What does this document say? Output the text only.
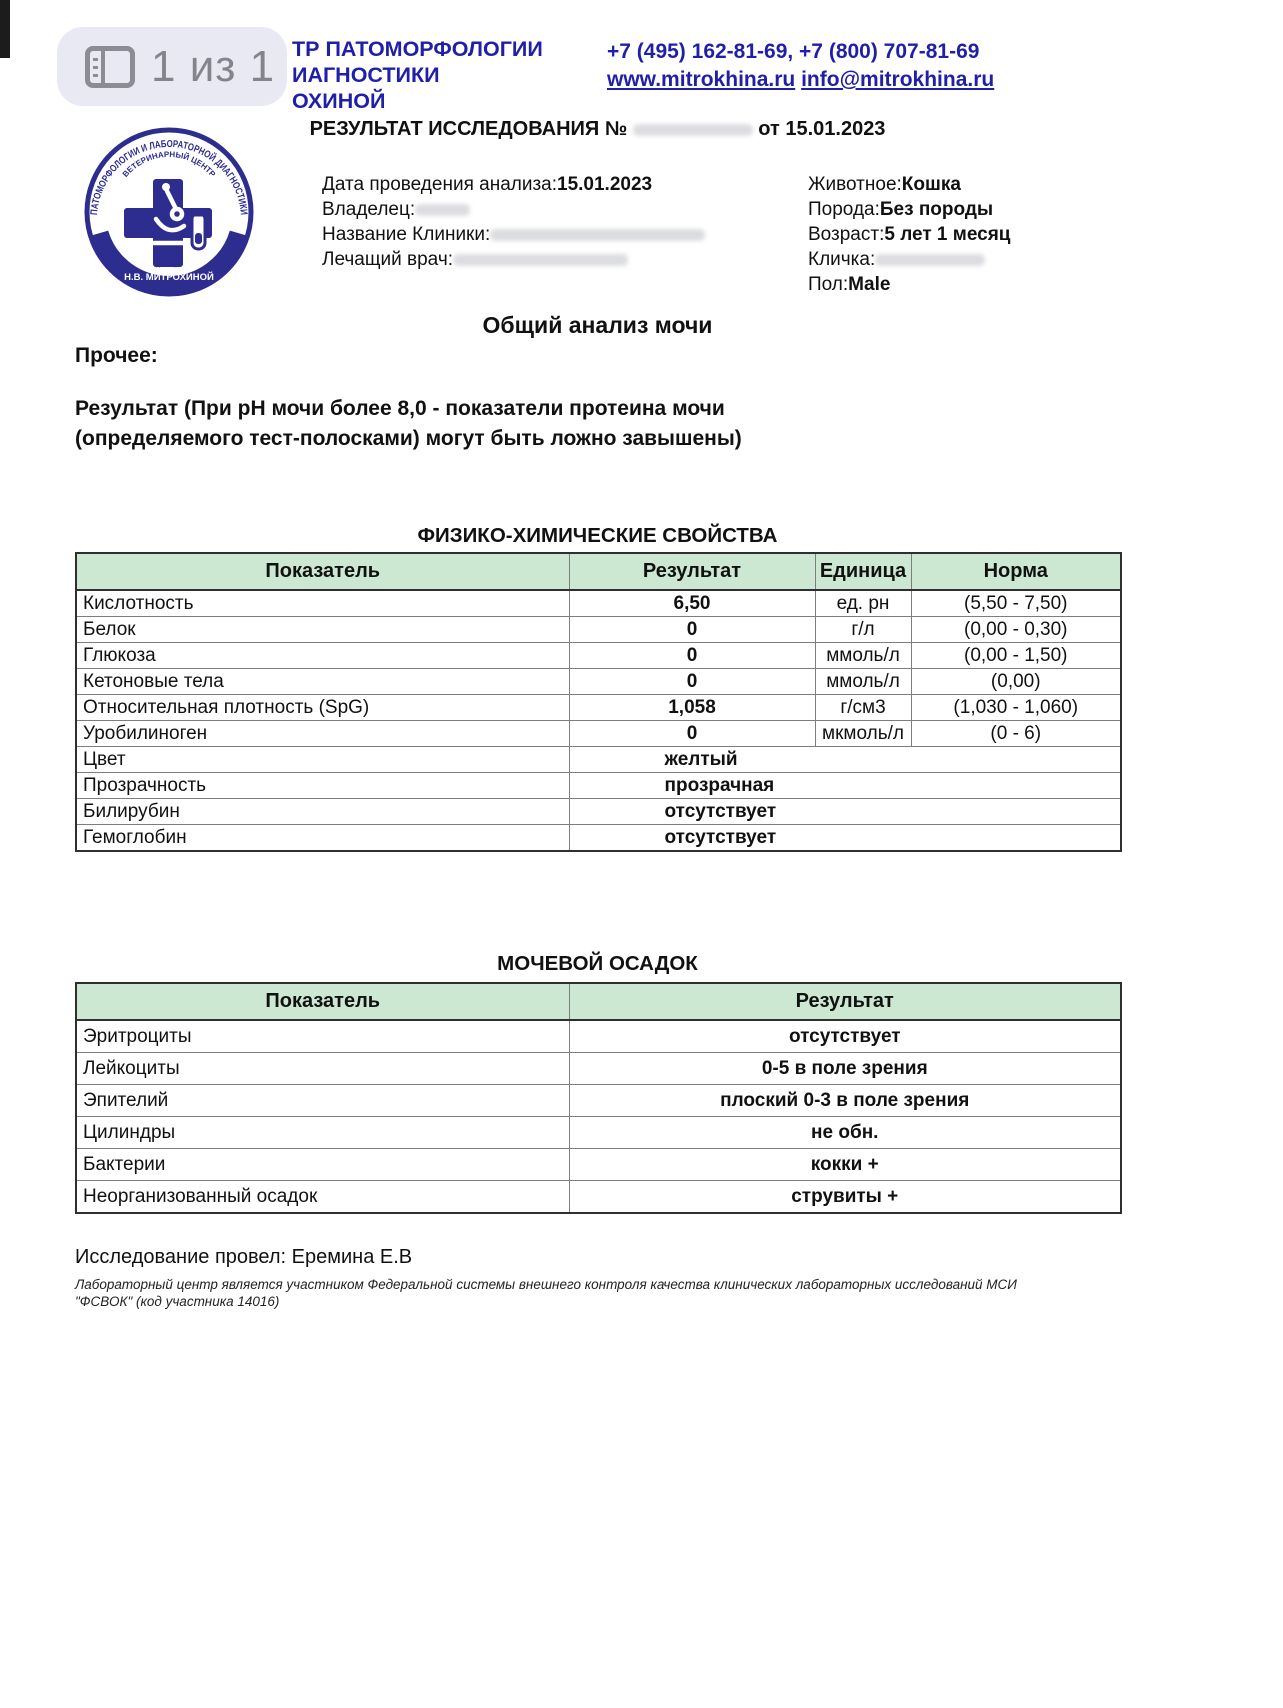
1 из 1 ТР ПАТОМОРФОЛОГИИ
ИАГНОСТИКИ
ОХИНОЙ
+7 (495) 162-81-69, +7 (800) 707-81-69
www.mitrokhina.ru info@mitrokhina.ru
ВЕТЕРИНАРНЫЙ ЦЕНТР
ПАТОМОРФОЛОГИИ И ЛАБОРАТОРНОЙ ДИАГНОСТИКИ
доктора
Н.В. МИТРОХИНОЙ
РЕЗУЛЬТАТ ИССЛЕДОВАНИЯ №	от 15.01.2023
Дата проведения анализа:15.01.2023
Владелец:
Название Клиники:
Лечащий врач:
Животное:Кошка
Порода:Без породы
Возраст:5 лет 1 месяц
Кличка:
Пол:Male
Общий анализ мочи
Прочее:
Результат (При рН мочи более 8,0 - показатели протеина мочи
(определяемого тест-полосками) могут быть ложно завышены)
ФИЗИКО-ХИМИЧЕСКИЕ СВОЙСТВА
Показатель	Результат	Единица	Норма
Кислотность	6,50	ед. рн	(5,50 - 7,50)
Белок	0	г/л	(0,00 - 0,30)
Глюкоза	0	ммоль/л	(0,00 - 1,50)
Кетоновые тела	0	ммоль/л	(0,00)
Относительная плотность (SpG)	1,058	г/см3	(1,030 - 1,060)
Уробилиноген	0	мкмоль/л	(0 - 6)
Цвет	желтый		
Прозрачность	прозрачная		
Билирубин	отсутствует		
Гемоглобин	отсутствует		
МОЧЕВОЙ ОСАДОК
Показатель	Результат
Эритроциты	отсутствует
Лейкоциты	0-5 в поле зрения
Эпителий	плоский 0-3 в поле зрения
Цилиндры	не обн.
Бактерии	кокки +
Неорганизованный осадок	струвиты +
Исследование провел: Еремина Е.В
Лабораторный центр является участником Федеральной системы внешнего контроля качества клинических лабораторных исследований МСИ
"ФСВОК" (код участника 14016)
